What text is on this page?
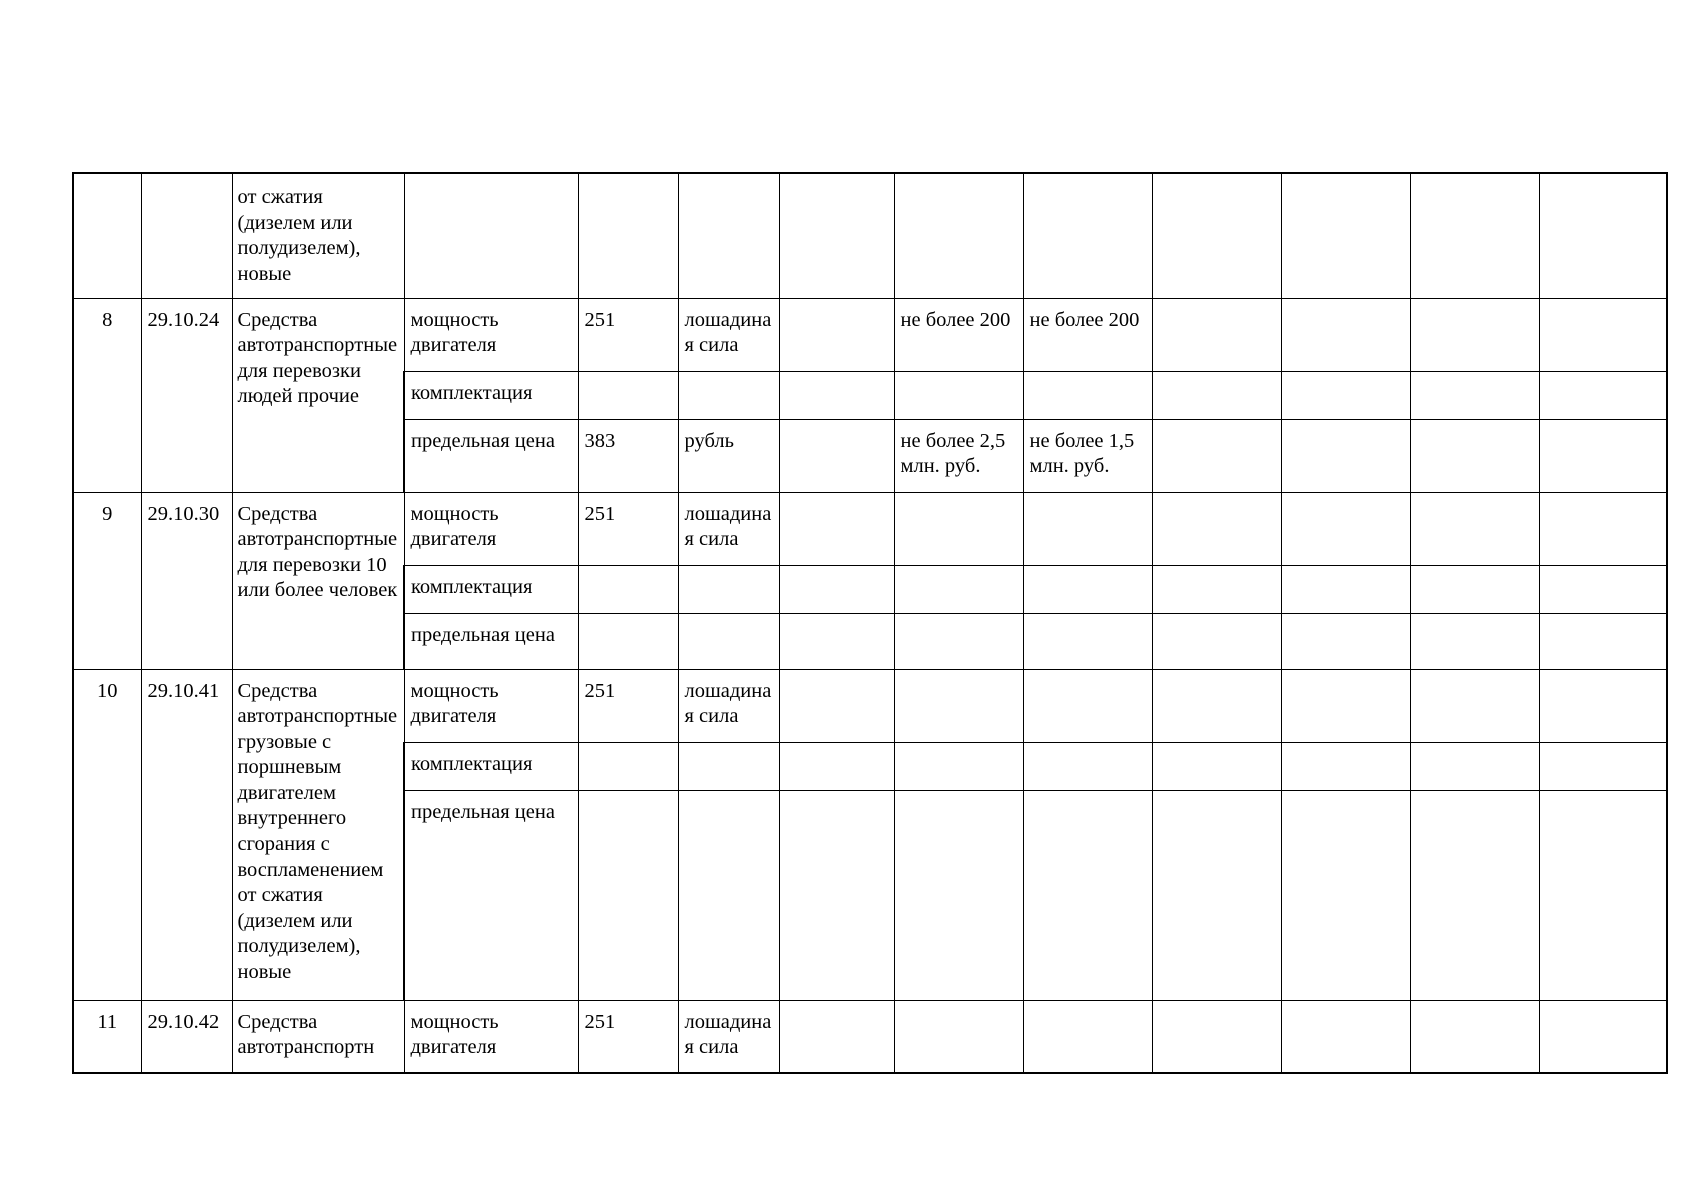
		от сжатия (дизелем или полудизелем), новые										
8	29.10.24	Средства автотранспортные для перевозки людей прочие	мощность двигателя	251	лошадиная сила		не более 200	не более 200				
			комплектация									
			предельная цена	383	рубль		не более 2,5 млн. руб.	не более 1,5 млн. руб.				
9	29.10.30	Средства автотранспортные для перевозки 10 или более человек	мощность двигателя	251	лошадиная сила							
			комплектация									
			предельная цена									
10	29.10.41	Средства автотранспортные грузовые с поршневым двигателем внутреннего сгорания с воспламенением от сжатия (дизелем или полудизелем), новые	мощность двигателя	251	лошадиная сила							
			комплектация									
			предельная цена									
11	29.10.42	Средства автотранспортн	мощность двигателя	251	лошадиная сила							
